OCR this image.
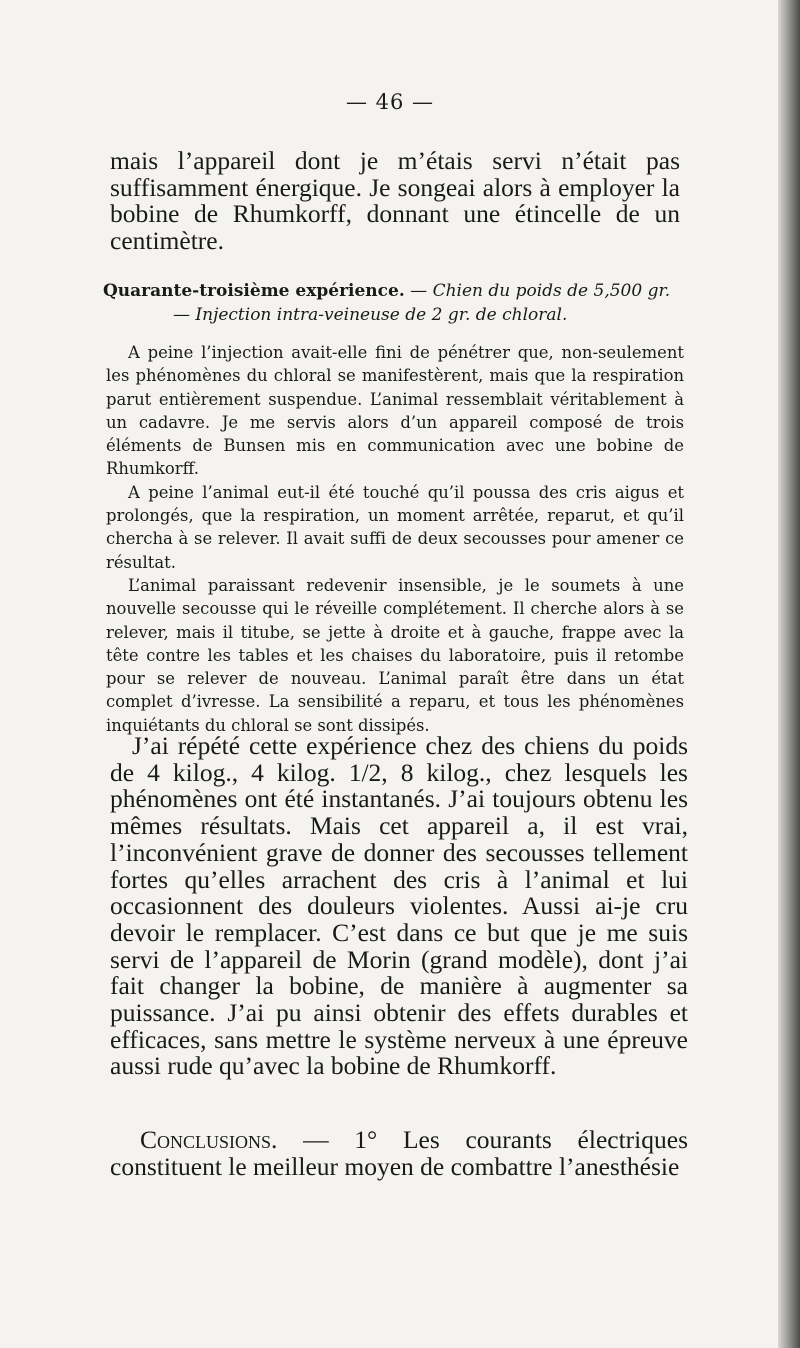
— 46 —

mais l’appareil dont je m’étais servi n’était pas suffisamment énergique. Je songeai alors à employer la bobine de Rhumkorff, donnant une étincelle de un centimètre.

Quarante-troisième expérience. — Chien du poids de 5,500 gr.

— Injection intra-veineuse de 2 gr. de chloral.

A peine l’injection avait-elle fini de pénétrer que, non-seulement les phénomènes du chloral se manifestèrent, mais que la respiration parut entièrement suspendue. L’animal ressemblait véritablement à un cadavre. Je me servis alors d’un appareil composé de trois éléments de Bunsen mis en communication avec une bobine de Rhumkorff.

A peine l’animal eut-il été touché qu’il poussa des cris aigus et prolongés, que la respiration, un moment arrêtée, reparut, et qu’il chercha à se relever. Il avait suffi de deux secousses pour amener ce résultat.

L’animal paraissant redevenir insensible, je le soumets à une nouvelle secousse qui le réveille complétement. Il cherche alors à se relever, mais il titube, se jette à droite et à gauche, frappe avec la tête contre les tables et les chaises du laboratoire, puis il retombe pour se relever de nouveau. L’animal paraît être dans un état complet d’ivresse. La sensibilité a reparu, et tous les phénomènes inquiétants du chloral se sont dissipés.

J’ai répété cette expérience chez des chiens du poids de 4 kilog., 4 kilog. 1/2, 8 kilog., chez lesquels les phénomènes ont été instantanés. J’ai toujours obtenu les mêmes résultats. Mais cet appareil a, il est vrai, l’inconvénient grave de donner des secousses tellement fortes qu’elles arrachent des cris à l’animal et lui occasionnent des douleurs violentes. Aussi ai-je cru devoir le remplacer. C’est dans ce but que je me suis servi de l’appareil de Morin (grand modèle), dont j’ai fait changer la bobine, de manière à augmenter sa puissance. J’ai pu ainsi obtenir des effets durables et efficaces, sans mettre le système nerveux à une épreuve aussi rude qu’avec la bobine de Rhumkorff.

Conclusions. — 1° Les courants électriques constituent le meilleur moyen de combattre l’anesthésie
